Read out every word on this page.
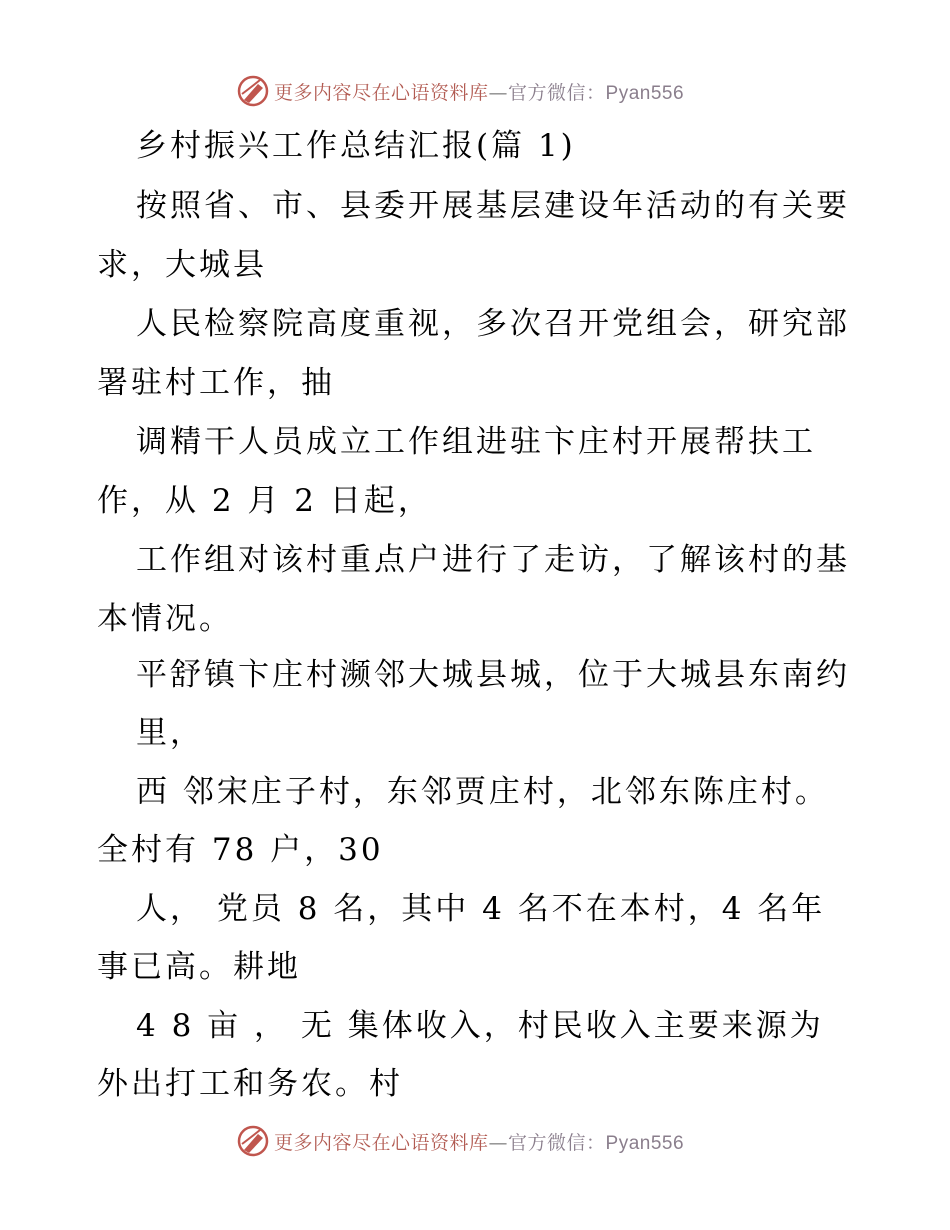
更多内容尽在心语资料库—官方微信：Pyan556
乡村振兴工作总结汇报(篇 1)
按照省、市、县委开展基层建设年活动的有关要
求，大城县
人民检察院高度重视，多次召开党组会，研究部
署驻村工作，抽
调精干人员成立工作组进驻卞庄村开展帮扶工
作，从 2 月 2 日起，
工作组对该村重点户进行了走访，了解该村的基
本情况。
平舒镇卞庄村濒邻大城县城，位于大城县东南约
里，
西 邻宋庄子村，东邻贾庄村，北邻东陈庄村。
全村有 78 户，30
人， 党员 8 名，其中 4 名不在本村，4 名年
事已高。耕地
4 8 亩 ， 无 集体收入，村民收入主要来源为
外出打工和务农。村
更多内容尽在心语资料库—官方微信：Pyan556
